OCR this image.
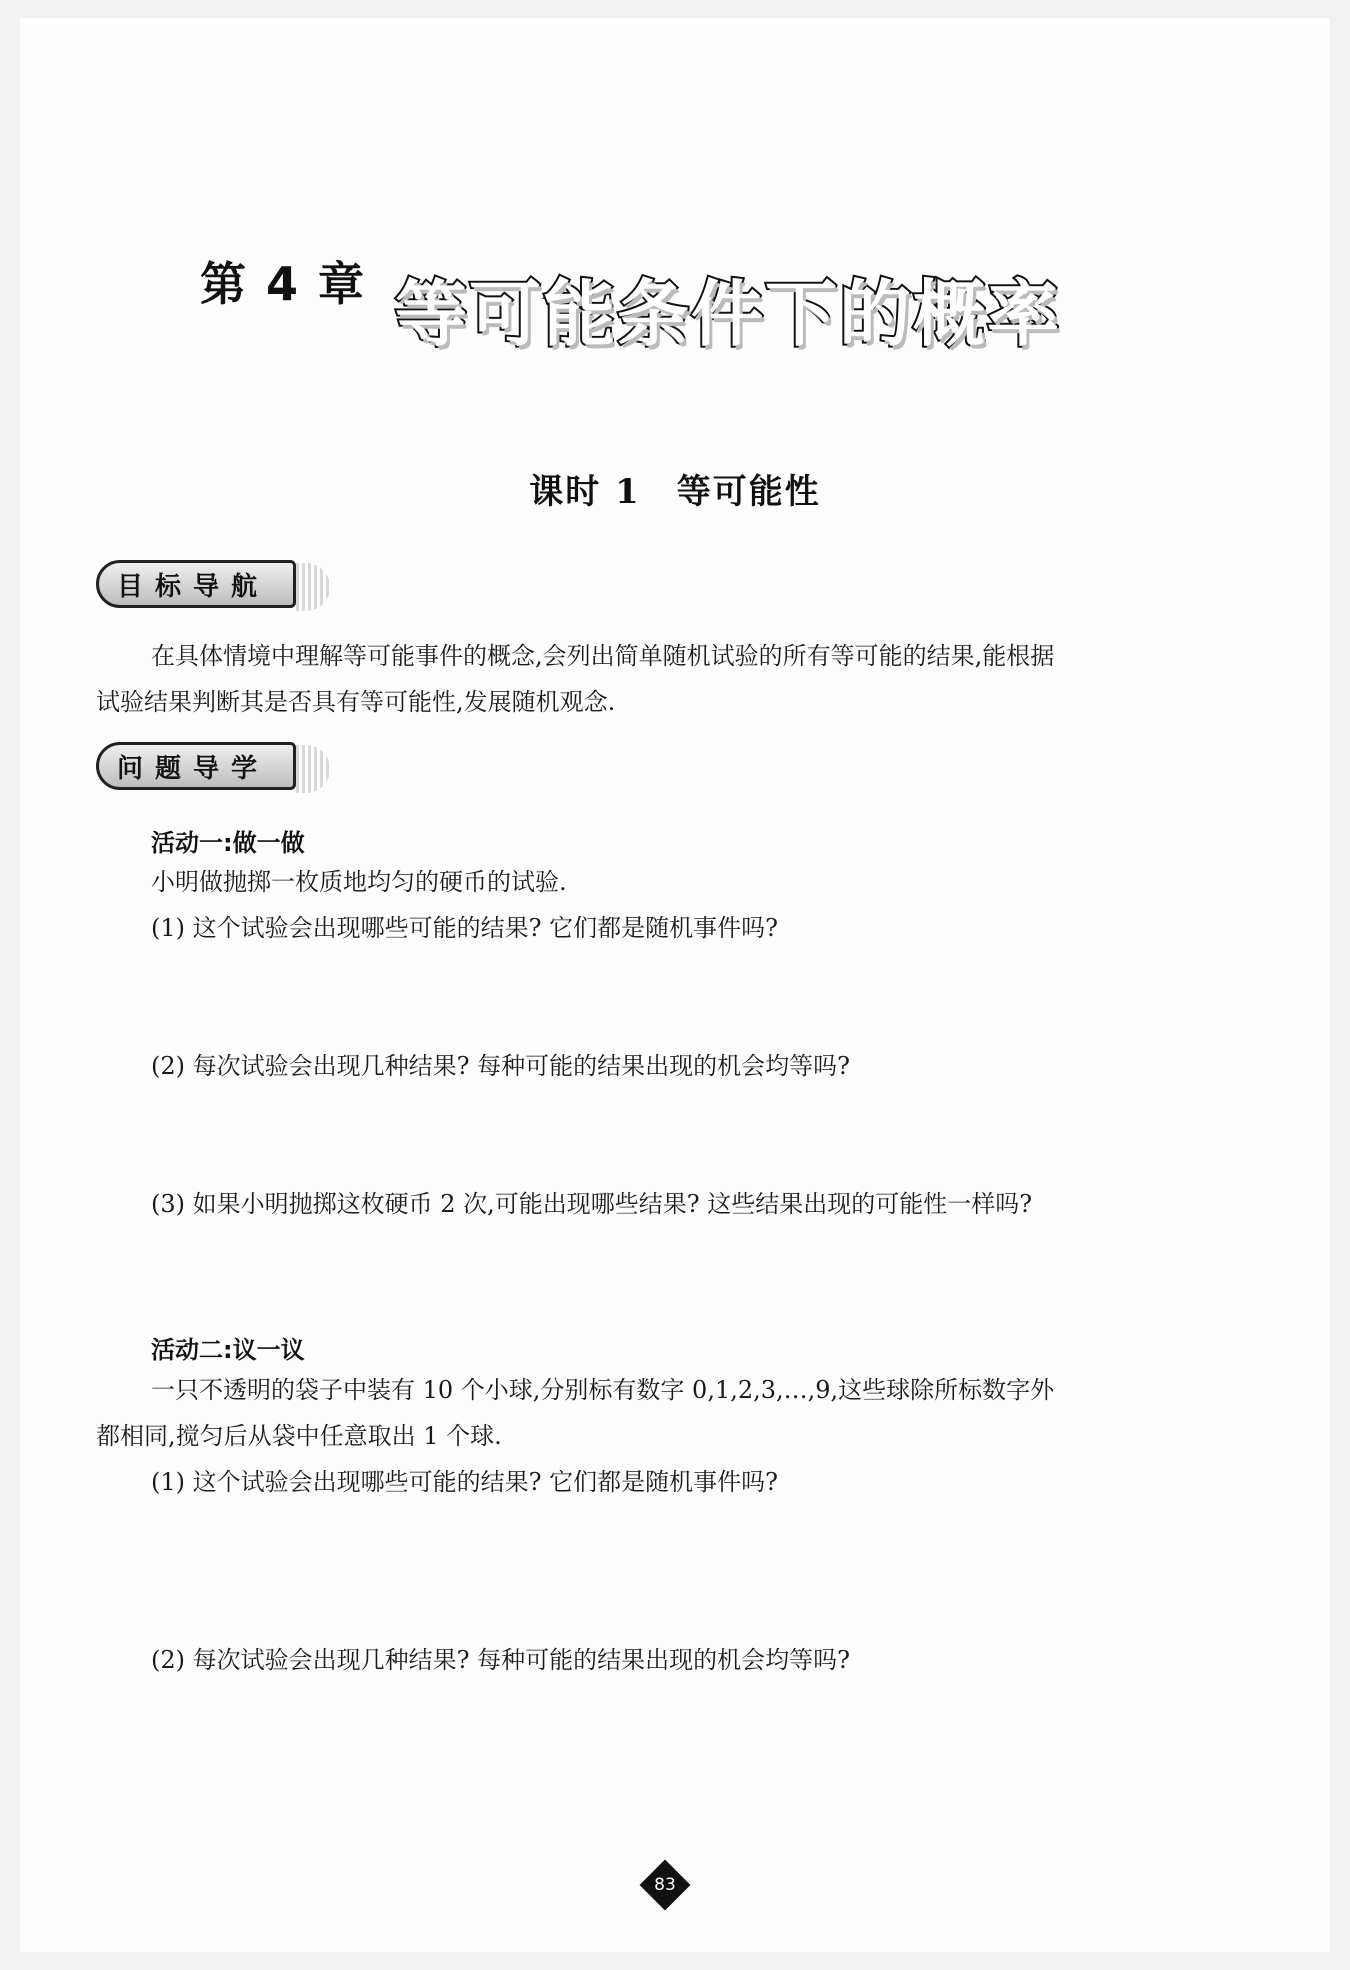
第 4 章 等可能条件下的概率
课时 1　等可能性
目标导航
在具体情境中理解等可能事件的概念,会列出简单随机试验的所有等可能的结果,能根据
试验结果判断其是否具有等可能性,发展随机观念.
问题导学
活动一:做一做
小明做抛掷一枚质地均匀的硬币的试验.
(1) 这个试验会出现哪些可能的结果? 它们都是随机事件吗?
(2) 每次试验会出现几种结果? 每种可能的结果出现的机会均等吗?
(3) 如果小明抛掷这枚硬币 2 次,可能出现哪些结果? 这些结果出现的可能性一样吗?
活动二:议一议
一只不透明的袋子中装有 10 个小球,分别标有数字 0,1,2,3,…,9,这些球除所标数字外
都相同,搅匀后从袋中任意取出 1 个球.
(1) 这个试验会出现哪些可能的结果? 它们都是随机事件吗?
(2) 每次试验会出现几种结果? 每种可能的结果出现的机会均等吗?
83
